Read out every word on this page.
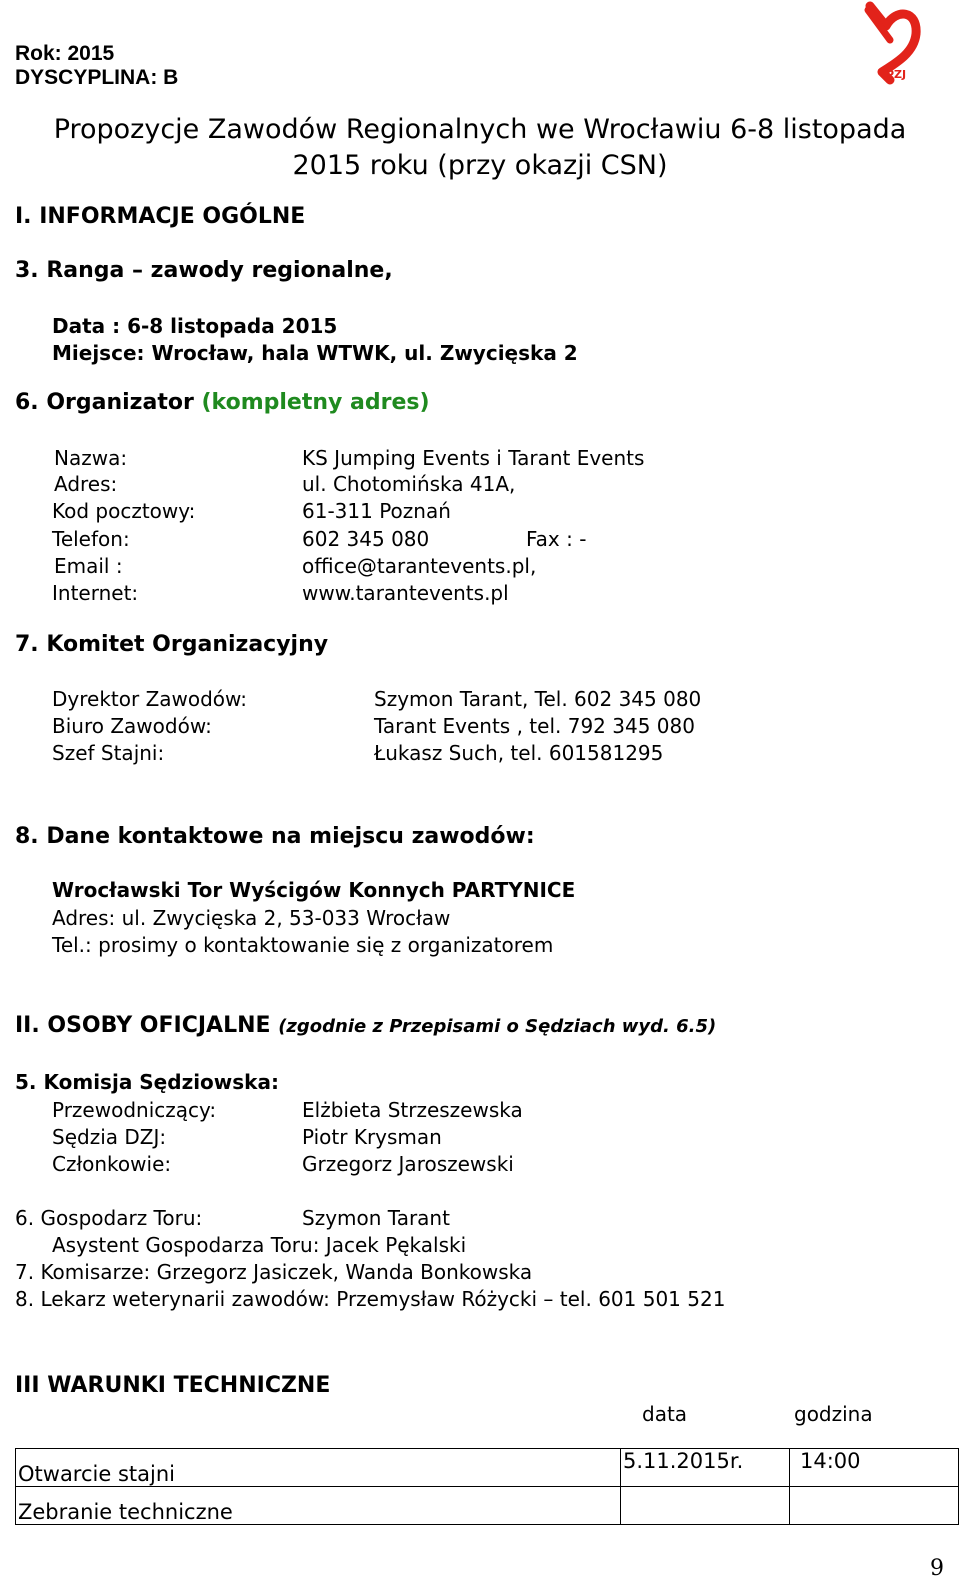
PZJ
Rok: 2015
DYSCYPLINA: B
Propozycje Zawodów Regionalnych we Wrocławiu 6-8 listopada
2015 roku (przy okazji CSN)
I. INFORMACJE OGÓLNE
3. Ranga – zawody regionalne,
Data : 6-8 listopada 2015
Miejsce: Wrocław, hala WTWK, ul. Zwycięska 2
6. Organizator (kompletny adres)
Nazwa:	KS Jumping Events i Tarant Events
Adres:	ul. Chotomińska 41A,
Kod pocztowy:	61-311 Poznań
Telefon:	602 345 080	Fax : -
Email :	office@tarantevents.pl,
Internet:	www.tarantevents.pl
7. Komitet Organizacyjny
Dyrektor Zawodów:	Szymon Tarant, Tel. 602 345 080
Biuro Zawodów:	Tarant Events , tel. 792 345 080
Szef Stajni:	Łukasz Such, tel. 601581295
8. Dane kontaktowe na miejscu zawodów:
Wrocławski Tor Wyścigów Konnych PARTYNICE
Adres: ul. Zwycięska 2, 53-033 Wrocław
Tel.: prosimy o kontaktowanie się z organizatorem
II. OSOBY OFICJALNE (zgodnie z Przepisami o Sędziach wyd. 6.5)
5. Komisja Sędziowska:
Przewodniczący:	Elżbieta Strzeszewska
Sędzia DZJ:	Piotr Krysman
Członkowie:	Grzegorz Jaroszewski
6. Gospodarz Toru:	Szymon Tarant
Asystent Gospodarza Toru: Jacek Pękalski
7. Komisarze: Grzegorz Jasiczek, Wanda Bonkowska
8. Lekarz weterynarii zawodów: Przemysław Różycki – tel. 601 501 521
III WARUNKI TECHNICZNE
data	godzina
Otwarcie stajni	5.11.2015r.	14:00
Zebranie techniczne		
9
